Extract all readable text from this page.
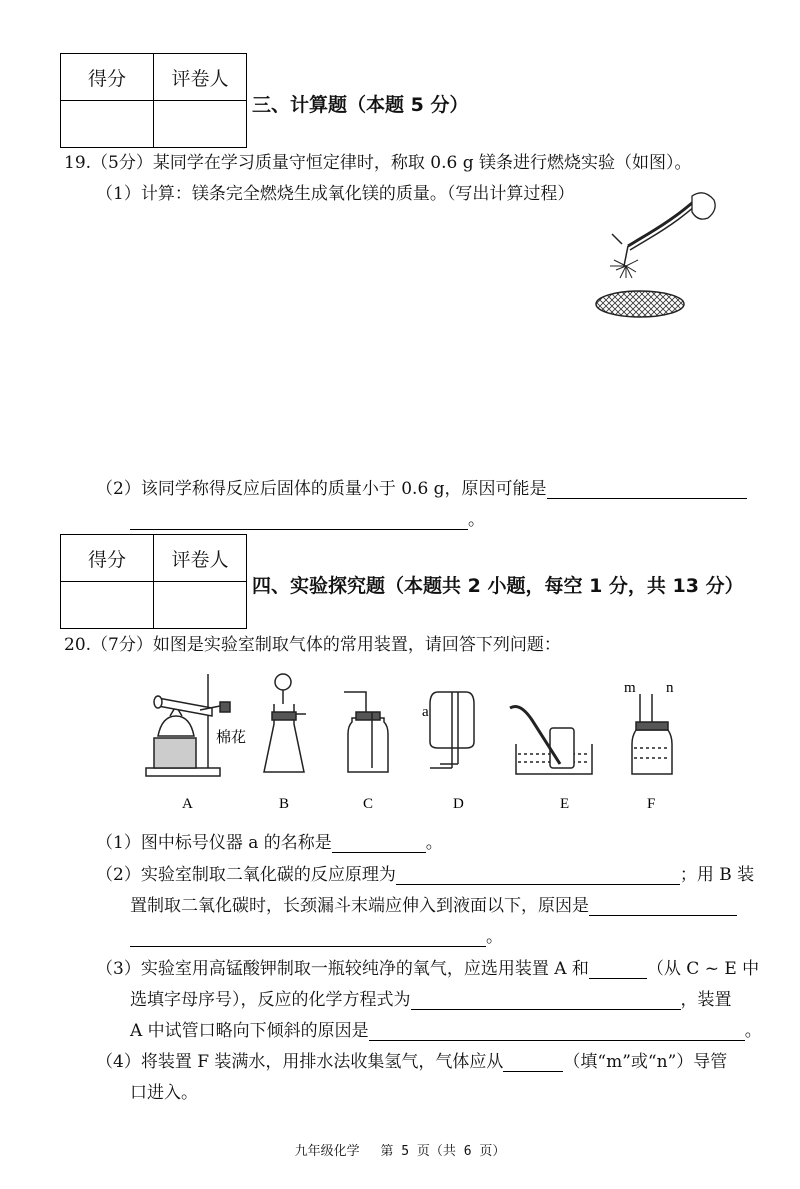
得分	评卷人

三、计算题（本题 5 分）
19.（5分）某同学在学习质量守恒定律时，称取 0.6 g 镁条进行燃烧实验（如图）。
（1）计算：镁条完全燃烧生成氧化镁的质量。（写出计算过程）
（2）该同学称得反应后固体的质量小于 0.6 g，原因可能是
。
得分	评卷人

四、实验探究题（本题共 2 小题，每空 1 分，共 13 分）
20.（7分）如图是实验室制取气体的常用装置，请回答下列问题：
棉花
a
m n
A	B	C	D	E	F
（1）图中标号仪器 a 的名称是	。
（2）实验室制取二氧化碳的反应原理为	；用 B 装
置制取二氧化碳时，长颈漏斗末端应伸入到液面以下，原因是
。
（3）实验室用高锰酸钾制取一瓶较纯净的氧气，应选用装置 A 和	（从 C ~ E 中
选填字母序号），反应的化学方程式为	，装置
A 中试管口略向下倾斜的原因是	。
（4）将装置 F 装满水，用排水法收集氢气，气体应从	（填“m”或“n”）导管
口进入。
九年级化学　 第 5 页（共 6 页）
